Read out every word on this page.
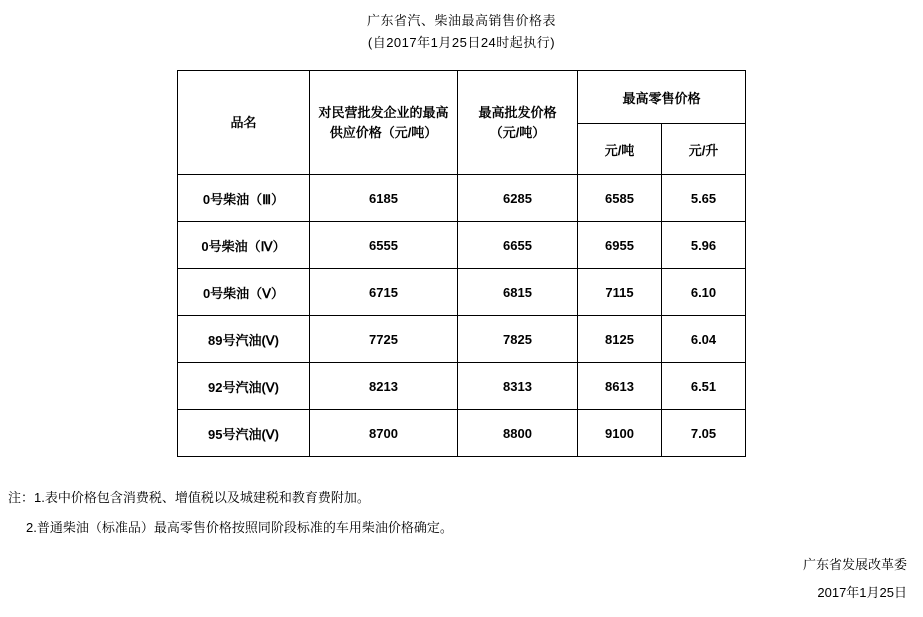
广东省汽、柴油最高销售价格表
(自2017年1月25日24时起执行)
品名	对民营批发企业的最高供应价格（元/吨）	最高批发价格（元/吨）	最高零售价格	
			元/吨	元/升
0号柴油（Ⅲ）	6185	6285	6585	5.65
0号柴油（Ⅳ）	6555	6655	6955	5.96
0号柴油（Ⅴ）	6715	6815	7115	6.10
89号汽油(Ⅴ)	7725	7825	8125	6.04
92号汽油(Ⅴ)	8213	8313	8613	6.51
95号汽油(Ⅴ)	8700	8800	9100	7.05
注：1.表中价格包含消费税、增值税以及城建税和教育费附加。
2.普通柴油（标准品）最高零售价格按照同阶段标准的车用柴油价格确定。
广东省发展改革委
2017年1月25日
